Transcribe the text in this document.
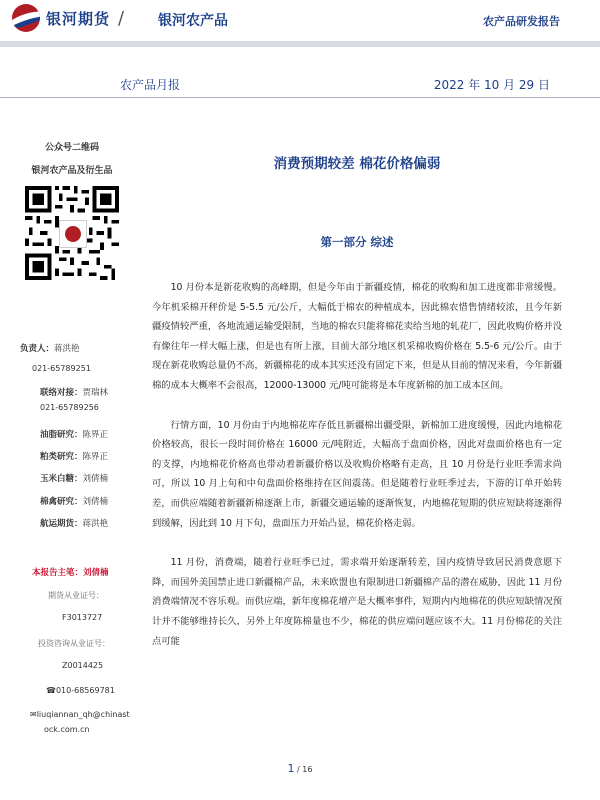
银河期货 / 银河农产品	农产品研发报告
农产品月报	2022 年 10 月 29 日
公众号二维码
银河农产品及衍生品
负责人：蒋洪艳
021-65789251
联络对接：贾瑞林
021-65789256
油脂研究：陈界正
粕类研究：陈界正
玉米白糖：刘倩楠
棉禽研究：刘倩楠
航运期货：蒋洪艳
本报告主笔：刘倩楠
期货从业证号：
F3013727
投资咨询从业证号：
Z0014425
☎010-68569781
✉liuqiannan_qh@chinast
ock.com.cn
消费预期较差 棉花价格偏弱
第一部分 综述

10 月份本是新花收购的高峰期，但是今年由于新疆疫情，棉花的收购和加工进度都非常缓慢。今年机采棉开秤价是 5-5.5 元/公斤，大幅低于棉农的种植成本，因此棉农惜售情绪较浓，且今年新疆疫情较严重，各地流通运输受限制，当地的棉农只能将棉花卖给当地的轧花厂，因此收购价格并没有像往年一样大幅上涨，但是也有所上涨，目前大部分地区机采棉收购价格在 5.5-6 元/公斤。由于现在新花收购总量仍不高，新疆棉花的成本其实还没有固定下来，但是从目前的情况来看，今年新疆棉的成本大概率不会很高，12000-13000 元/吨可能将是本年度新棉的加工成本区间。

行情方面，10 月份由于内地棉花库存低且新疆棉出疆受限，新棉加工进度缓慢，因此内地棉花价格较高，很长一段时间价格在 16000 元/吨附近，大幅高于盘面价格，因此对盘面价格也有一定的支撑，内地棉花价格高也带动着新疆价格以及收购价格略有走高，且 10 月份是行业旺季需求尚可，所以 10 月上旬和中旬盘面价格维持在区间震荡。但是随着行业旺季过去，下游的订单开始转差，而供应端随着新疆新棉逐渐上市，新疆交通运输的逐渐恢复，内地棉花短期的供应短缺将逐渐得到缓解，因此到 10 月下旬，盘面压力开始凸显，棉花价格走弱。

11 月份，消费端，随着行业旺季已过，需求端开始逐渐转差，国内疫情导致居民消费意愿下降，而国外美国禁止进口新疆棉产品，未来欧盟也有限制进口新疆棉产品的潜在威胁，因此 11 月份消费端情况不容乐观。而供应端，新年度棉花增产是大概率事件，短期内内地棉花的供应短缺情况预计并不能够维持长久，另外上年度陈棉量也不少，棉花的供应端问题应该不大。11 月份棉花的关注点可能

1 / 16
